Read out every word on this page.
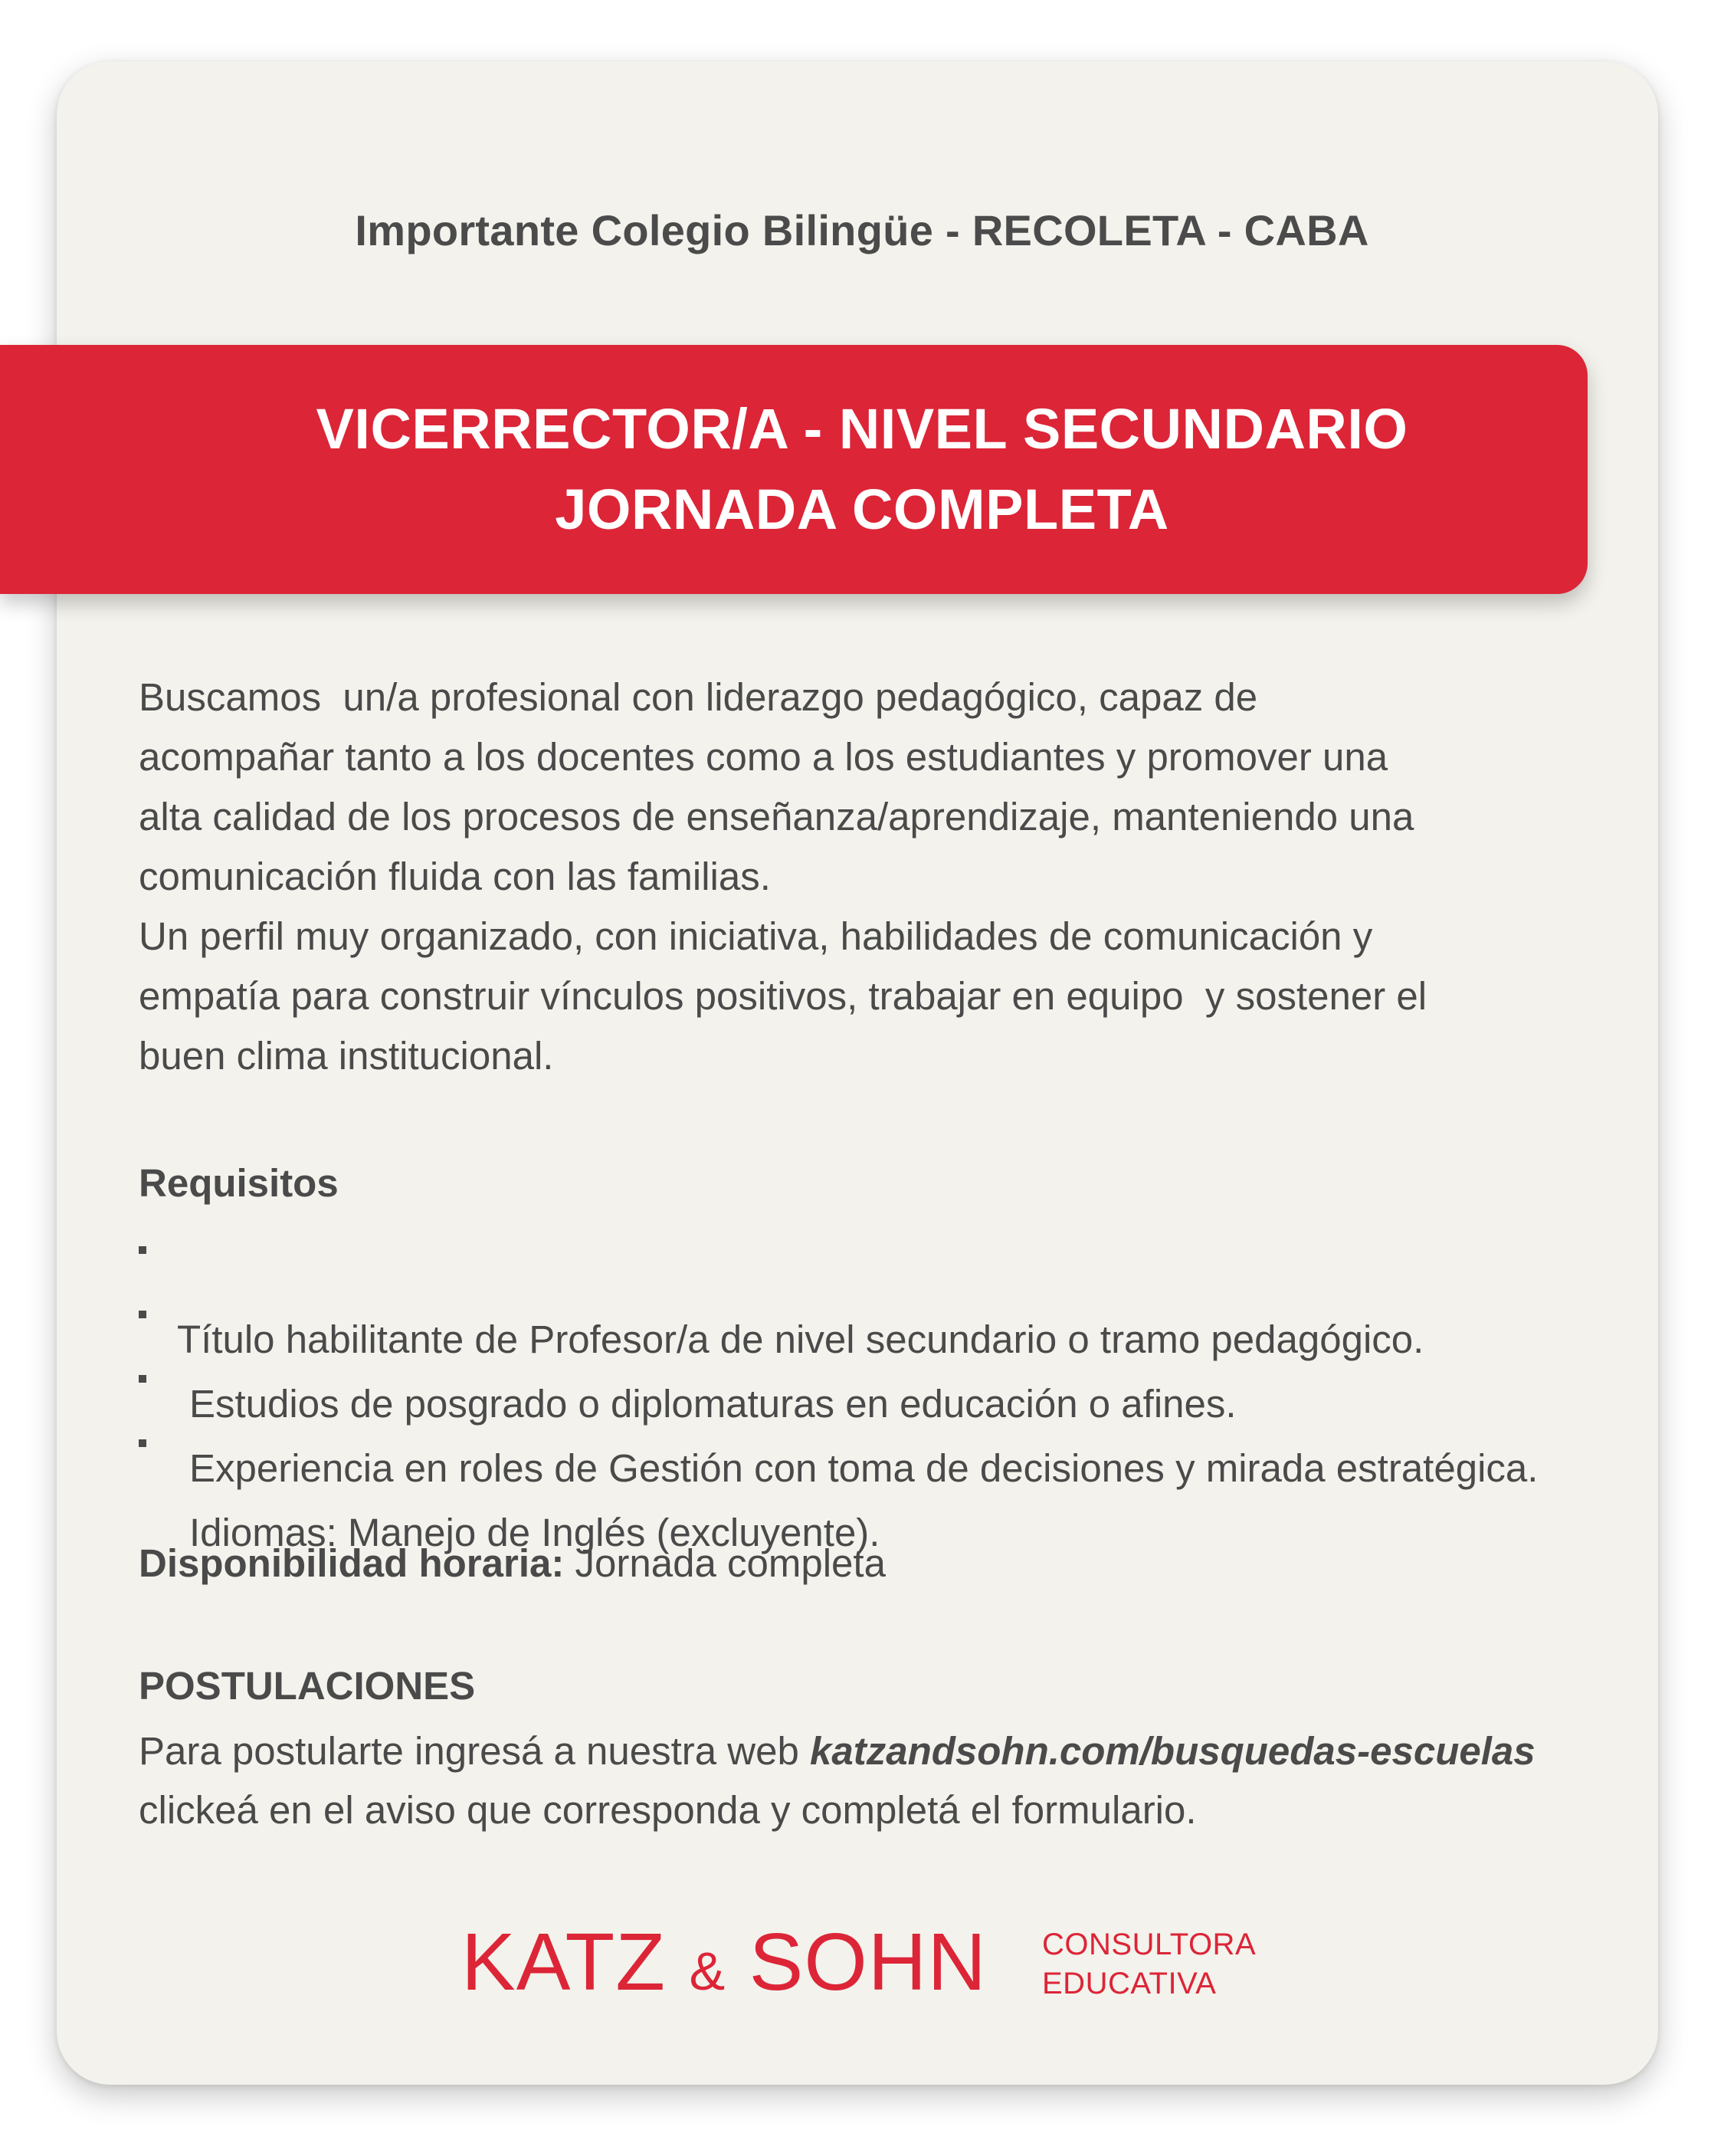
Importante Colegio Bilingüe - RECOLETA - CABA
VICERRECTOR/A - NIVEL SECUNDARIO
JORNADA COMPLETA
Buscamos  un/a profesional con liderazgo pedagógico, capaz de
acompañar tanto a los docentes como a los estudiantes y promover una
alta calidad de los procesos de enseñanza/aprendizaje, manteniendo una
comunicación fluida con las familias.
Un perfil muy organizado, con iniciativa, habilidades de comunicación y
empatía para construir vínculos positivos, trabajar en equipo  y sostener el
buen clima institucional.
Requisitos

Título habilitante de Profesor/a de nivel secundario o tramo pedagógico.

Estudios de posgrado o diplomaturas en educación o afines.

Experiencia en roles de Gestión con toma de decisiones y mirada estratégica.

Idiomas: Manejo de Inglés (excluyente).

Disponibilidad horaria: Jornada completa
POSTULACIONES
Para postularte ingresá a nuestra web katzandsohn.com/busquedas-escuelas
clickeá en el aviso que corresponda y completá el formulario.
KATZ & SOHN CONSULTORA
EDUCATIVA
